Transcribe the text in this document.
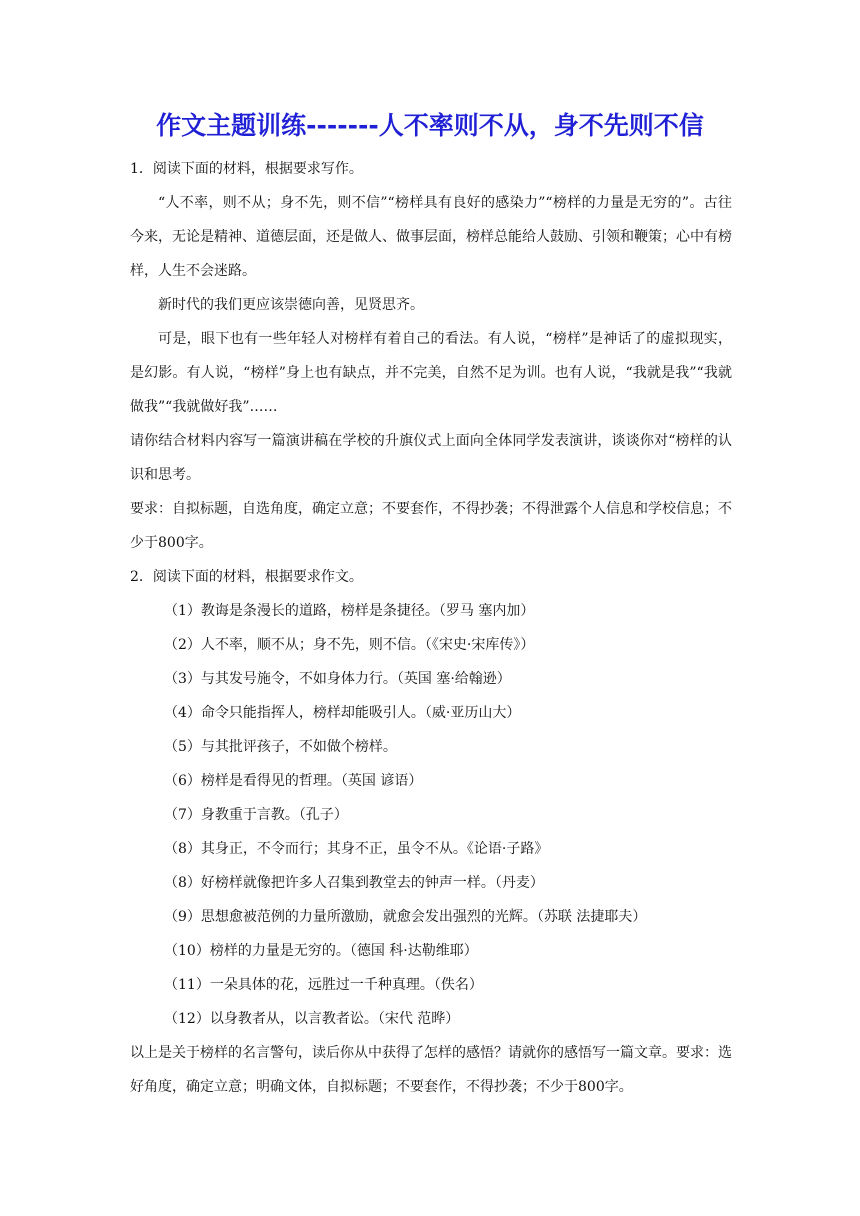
作文主题训练-------人不率则不从，身不先则不信

1．阅读下面的材料，根据要求写作。

“人不率，则不从；身不先，则不信”“榜样具有良好的感染力”“榜样的力量是无穷的”。古往今来，无论是精神、道德层面，还是做人、做事层面，榜样总能给人鼓励、引领和鞭策；心中有榜样，人生不会迷路。

新时代的我们更应该崇德向善，见贤思齐。

可是，眼下也有一些年轻人对榜样有着自己的看法。有人说，“榜样”是神话了的虚拟现实，是幻影。有人说，“榜样”身上也有缺点，并不完美，自然不足为训。也有人说，“我就是我”“我就做我”“我就做好我”……

请你结合材料内容写一篇演讲稿在学校的升旗仪式上面向全体同学发表演讲，谈谈你对“榜样的认识和思考。

要求：自拟标题，自选角度，确定立意；不要套作，不得抄袭；不得泄露个人信息和学校信息；不少于800字。

2．阅读下面的材料，根据要求作文。

（1）教诲是条漫长的道路，榜样是条捷径。（罗马 塞内加）
（2）人不率，顺不从；身不先，则不信。（《宋史·宋库传》）
（3）与其发号施令，不如身体力行。（英国 塞·给翰逊）
（4）命令只能指挥人，榜样却能吸引人。（威·亚历山大）
（5）与其批评孩子，不如做个榜样。
（6）榜样是看得见的哲理。（英国 谚语）
（7）身教重于言教。（孔子）
（8）其身正，不令而行；其身不正，虽令不从。《论语·子路》
（8）好榜样就像把许多人召集到教堂去的钟声一样。（丹麦）
（9）思想愈被范例的力量所激励，就愈会发出强烈的光辉。（苏联 法捷耶夫）
（10）榜样的力量是无穷的。（德国 科·达勒维耶）
（11）一朵具体的花，远胜过一千种真理。（佚名）
（12）以身教者从，以言教者讼。（宋代 范晔）

以上是关于榜样的名言警句，读后你从中获得了怎样的感悟？请就你的感悟写一篇文章。要求：选好角度，确定立意；明确文体，自拟标题；不要套作，不得抄袭；不少于800字。
